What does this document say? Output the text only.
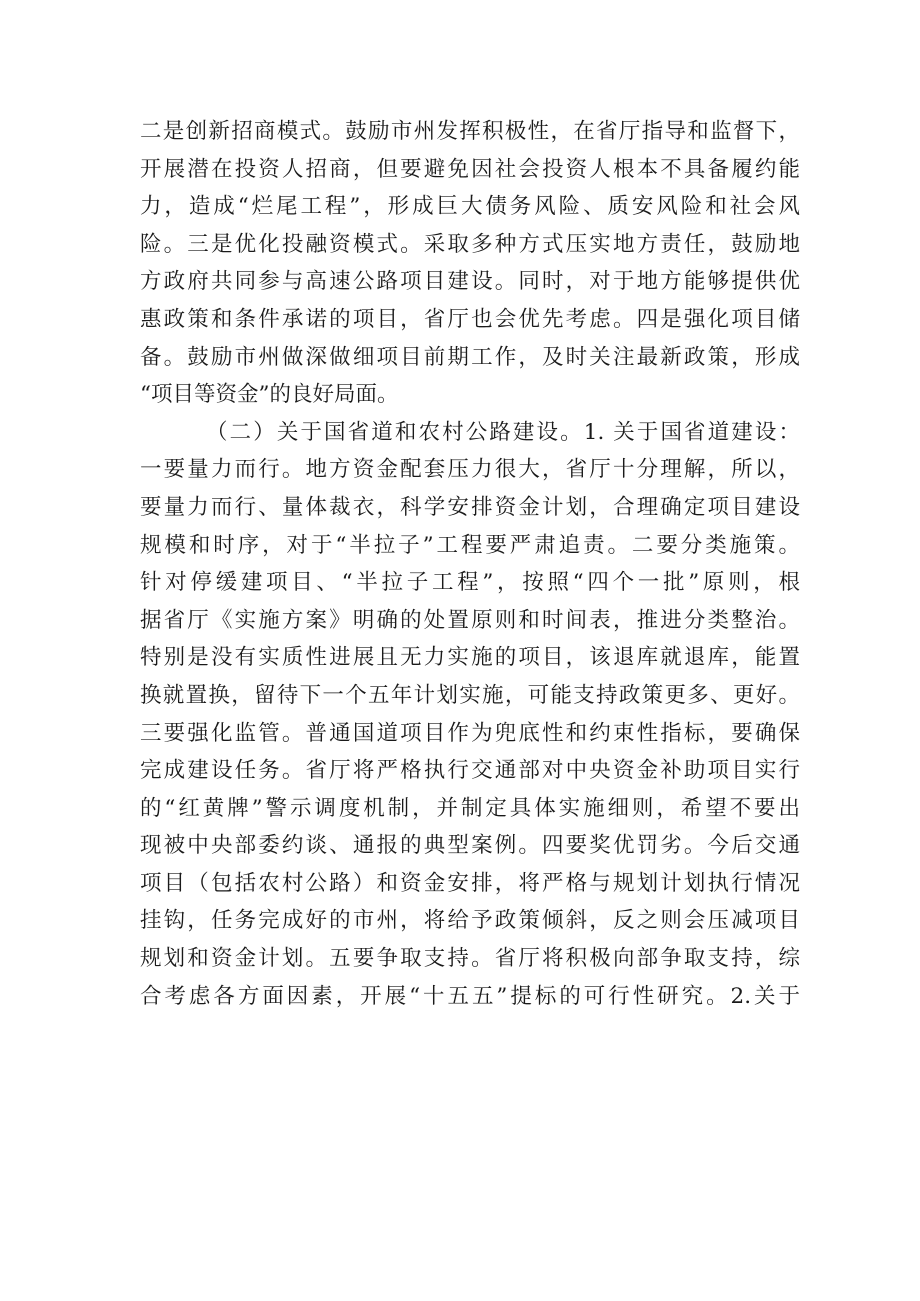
二是创新招商模式。鼓励市州发挥积极性，在省厅指导和监督下，
开展潜在投资人招商，但要避免因社会投资人根本不具备履约能
力，造成“烂尾工程”，形成巨大债务风险、质安风险和社会风
险。三是优化投融资模式。采取多种方式压实地方责任，鼓励地
方政府共同参与高速公路项目建设。同时，对于地方能够提供优
惠政策和条件承诺的项目，省厅也会优先考虑。四是强化项目储
备。鼓励市州做深做细项目前期工作，及时关注最新政策，形成
“项目等资金”的良好局面。
（二）关于国省道和农村公路建设。1. 关于国省道建设：
一要量力而行。地方资金配套压力很大，省厅十分理解，所以，
要量力而行、量体裁衣，科学安排资金计划，合理确定项目建设
规模和时序，对于“半拉子”工程要严肃追责。二要分类施策。
针对停缓建项目、“半拉子工程”，按照“四个一批”原则，根
据省厅《实施方案》明确的处置原则和时间表，推进分类整治。
特别是没有实质性进展且无力实施的项目，该退库就退库，能置
换就置换，留待下一个五年计划实施，可能支持政策更多、更好。
三要强化监管。普通国道项目作为兜底性和约束性指标，要确保
完成建设任务。省厅将严格执行交通部对中央资金补助项目实行
的“红黄牌”警示调度机制，并制定具体实施细则，希望不要出
现被中央部委约谈、通报的典型案例。四要奖优罚劣。今后交通
项目（包括农村公路）和资金安排，将严格与规划计划执行情况
挂钩，任务完成好的市州，将给予政策倾斜，反之则会压减项目
规划和资金计划。五要争取支持。省厅将积极向部争取支持，综
合考虑各方面因素，开展“十五五”提标的可行性研究。2.关于
